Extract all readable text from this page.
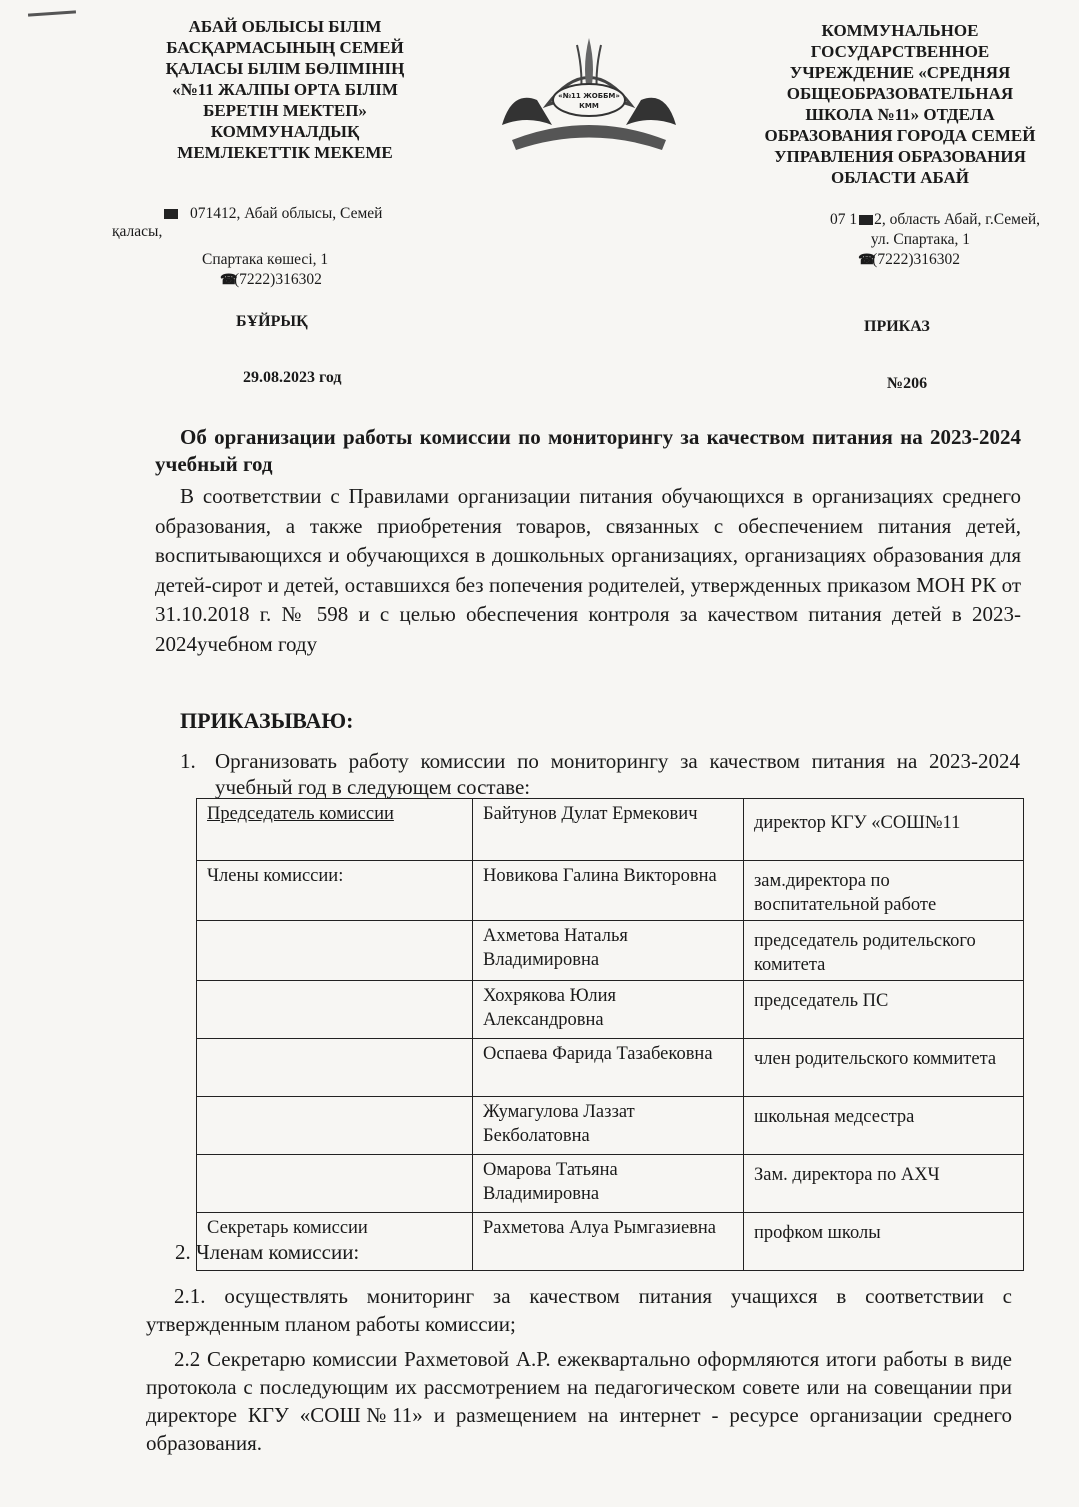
АБАЙ ОБЛЫСЫ БІЛІМ
БАСҚАРМАСЫНЫҢ СЕМЕЙ
ҚАЛАСЫ БІЛІМ БӨЛІМІНІҢ
«№11 ЖАЛПЫ ОРТА БІЛІМ
БЕРЕТІН МЕКТЕП»
КОММУНАЛДЫҚ
МЕМЛЕКЕТТІК МЕКЕМЕ
«№11 ЖОББМ»
КММ
КОММУНАЛЬНОЕ
ГОСУДАРСТВЕННОЕ
УЧРЕЖДЕНИЕ «СРЕДНЯЯ
ОБЩЕОБРАЗОВАТЕЛЬНАЯ
ШКОЛА №11» ОТДЕЛА
ОБРАЗОВАНИЯ ГОРОДА СЕМЕЙ
УПРАВЛЕНИЯ ОБРАЗОВАНИЯ
ОБЛАСТИ АБАЙ
071412, Абай облысы, Семей
қаласы,
Спартака көшесі, 1
☎(7222)316302
07 1 2, область Абай, г.Семей,
ул. Спартака, 1
☎(7222)316302
БҰЙРЫҚ	ПРИКАЗ
29.08.2023 год	№206
Об организации работы комиссии по мониторингу за качеством питания на 2023-2024 учебный год
В соответствии с Правилами организации питания обучающихся в организациях среднего образования, а также приобретения товаров, связанных с обеспечением питания детей, воспитывающихся и обучающихся в дошкольных организациях, организациях образования для детей-сирот и детей, оставшихся без попечения родителей, утвержденных приказом МОН РК от 31.10.2018 г. № 598 и с целью обеспечения контроля за качеством питания детей в 2023-2024учебном году
ПРИКАЗЫВАЮ:
1. Организовать работу комиссии по мониторингу за качеством питания на 2023-2024 учебный год в следующем составе:
Председатель комиссии	Байтунов Дулат Ермекович	директор КГУ «СОШ№11
Члены комиссии:	Новикова Галина Викторовна	зам.директора по воспитательной работе
	Ахметова Наталья Владимировна	председатель родительского комитета
	Хохрякова Юлия Александровна	председатель ПС
	Оспаева Фарида Тазабековна	член родительского коммитета
	Жумагулова Лаззат Бекболатовна	школьная медсестра
	Омарова Татьяна Владимировна	Зам. директора по АХЧ
Секретарь комиссии	Рахметова Алуа Рымгазиевна	профком школы
2. Членам комиссии:
2.1. осуществлять мониторинг за качеством питания учащихся в соответствии с утвержденным планом работы комиссии;
2.2 Секретарю комиссии Рахметовой А.Р. ежеквартально оформляются итоги работы в виде протокола с последующим их рассмотрением на педагогическом совете или на совещании при директоре КГУ «СОШ№11» и размещением на интернет - ресурсе организации среднего образования.
